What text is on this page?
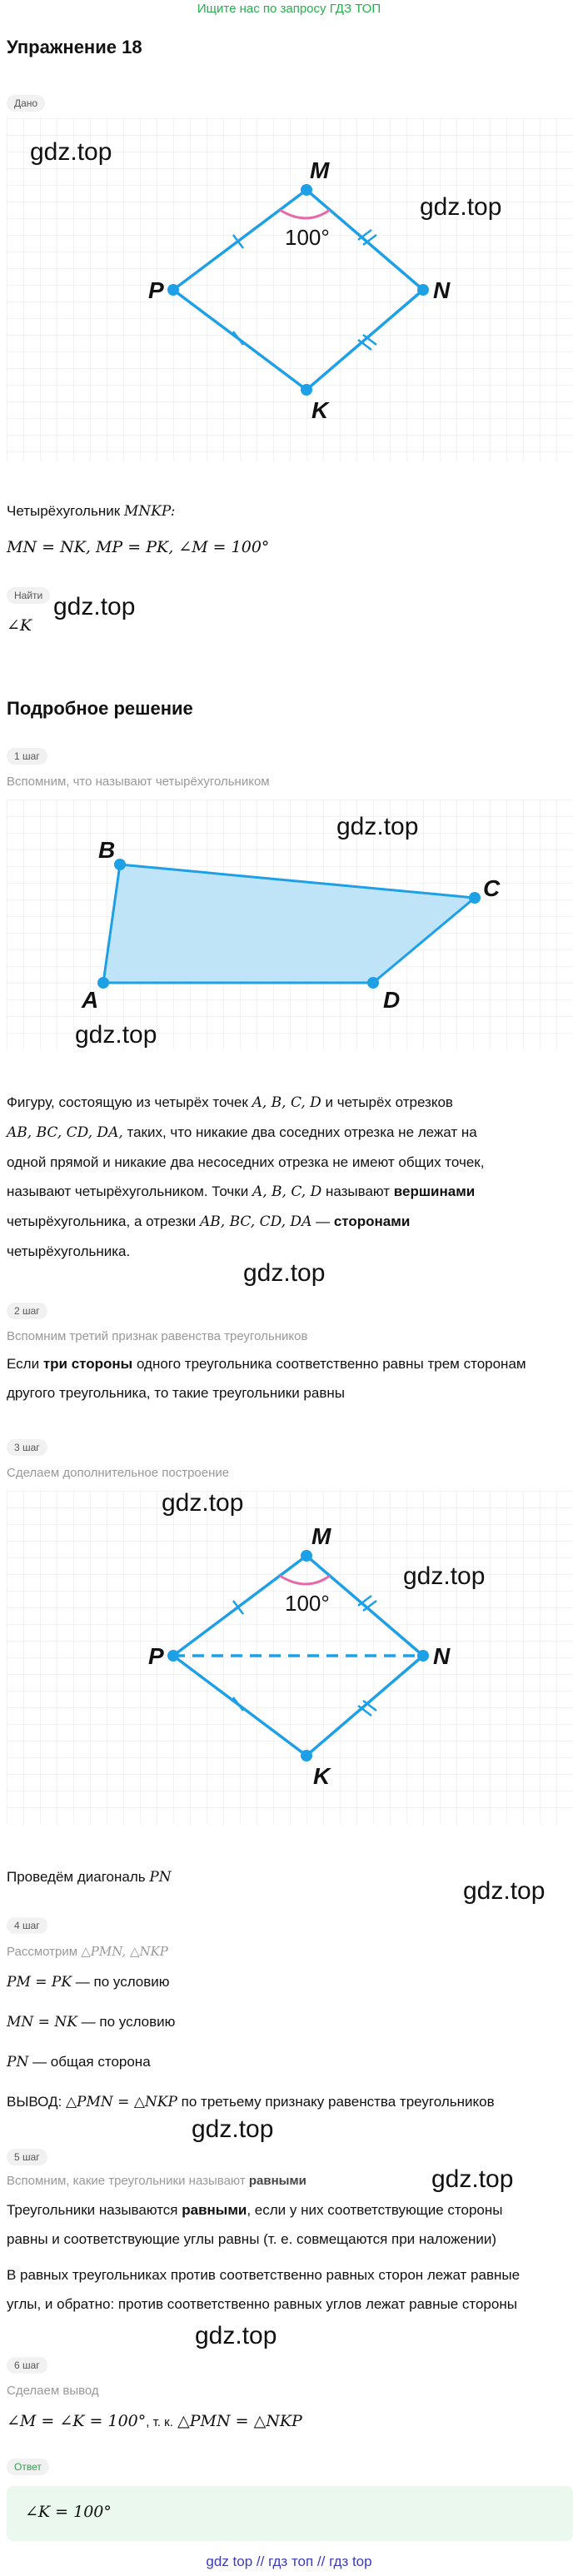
Ищите нас по запросу ГДЗ ТОП
Упражнение 18
Дано
M
N
K
P
100°
gdz.top
gdz.top
Четырёхугольник MNKP:
MN = NK, MP = PK, ∠M = 100°
Найти
∠K
gdz.top
Подробное решение
1 шаг
Вспомним, что называют четырёхугольником
B
C
D
A
gdz.top
gdz.top
Фигуру, состоящую из четырёх точек A, B, C, D и четырёх отрезков
AB, BC, CD, DA, таких, что никакие два соседних отрезка не лежат на
одной прямой и никакие два несоседних отрезка не имеют общих точек,
называют четырёхугольником. Точки A, B, C, D называют вершинами
четырёхугольника, а отрезки AB, BC, CD, DA — сторонами
четырёхугольника.
gdz.top
2 шаг
Вспомним третий признак равенства треугольников
Если три стороны одного треугольника соответственно равны трем сторонам
другого треугольника, то такие треугольники равны
3 шаг
Сделаем дополнительное построение
M
N
K
P
100°
gdz.top
gdz.top
Проведём диагональ PN	gdz.top
4 шаг
Рассмотрим △PMN, △NKP
PM = PK — по условию
MN = NK — по условию
PN — общая сторона
ВЫВОД: △PMN = △NKP по третьему признаку равенства треугольников
gdz.top
5 шаг
Вспомним, какие треугольники называют равными	gdz.top
Треугольники называются равными, если у них соответствующие стороны
равны и соответствующие углы равны (т. е. совмещаются при наложении)
В равных треугольниках против соответственно равных сторон лежат равные
углы, и обратно: против соответственно равных углов лежат равные стороны
gdz.top
6 шаг
Сделаем вывод
∠M = ∠K = 100°, т. к. △PMN = △NKP
Ответ
∠K = 100°
gdz top // гдз топ // гдз top
